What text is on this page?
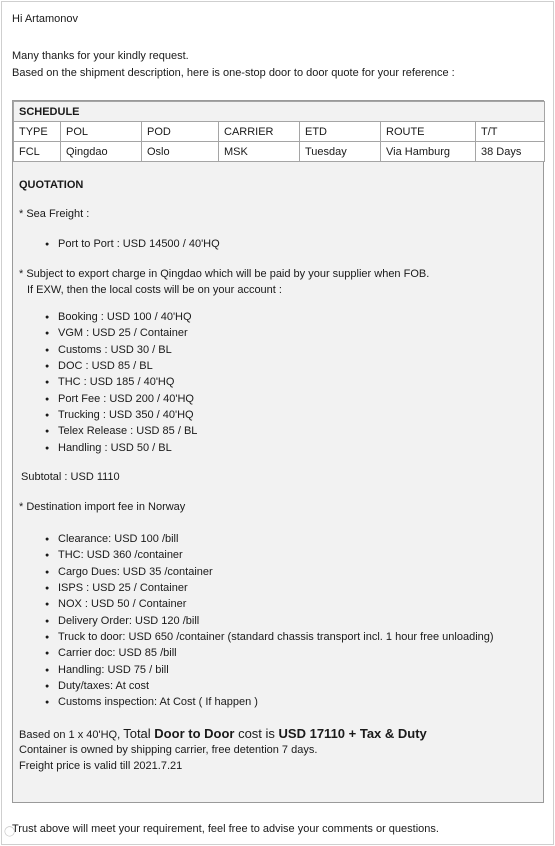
Hi Artamonov
Many thanks for your kindly request.
Based on the shipment description, here is one-stop door to door quote for your reference :
SCHEDULE						
TYPE	POL	POD	CARRIER	ETD	ROUTE	T/T
FCL	Qingdao	Oslo	MSK	Tuesday	Via Hamburg	38 Days
QUOTATION
* Sea Freight :
● Port to Port : USD 14500 / 40'HQ
* Subject to export charge in Qingdao which will be paid by your supplier when FOB.
If EXW, then the local costs will be on your account :
● Booking : USD 100 / 40'HQ
● VGM : USD 25 / Container
● Customs : USD 30 / BL
● DOC : USD 85 / BL
● THC : USD 185 / 40'HQ
● Port Fee : USD 200 / 40'HQ
● Trucking : USD 350 / 40'HQ
● Telex Release : USD 85 / BL
● Handling : USD 50 / BL
Subtotal : USD 1110
* Destination import fee in Norway
● Clearance: USD 100 /bill
● THC: USD 360 /container
● Cargo Dues: USD 35 /container
● ISPS : USD 25 / Container
● NOX : USD 50 / Container
● Delivery Order: USD 120 /bill
● Truck to door: USD 650 /container (standard chassis transport incl. 1 hour free unloading)
● Carrier doc: USD 85 /bill
● Handling: USD 75 / bill
● Duty/taxes: At cost
● Customs inspection: At Cost ( If happen )
Based on 1 x 40'HQ, Total Door to Door cost is USD 17110 + Tax & Duty
Container is owned by shipping carrier, free detention 7 days.
Freight price is valid till 2021.7.21
Trust above will meet your requirement, feel free to advise your comments or questions.
◯
